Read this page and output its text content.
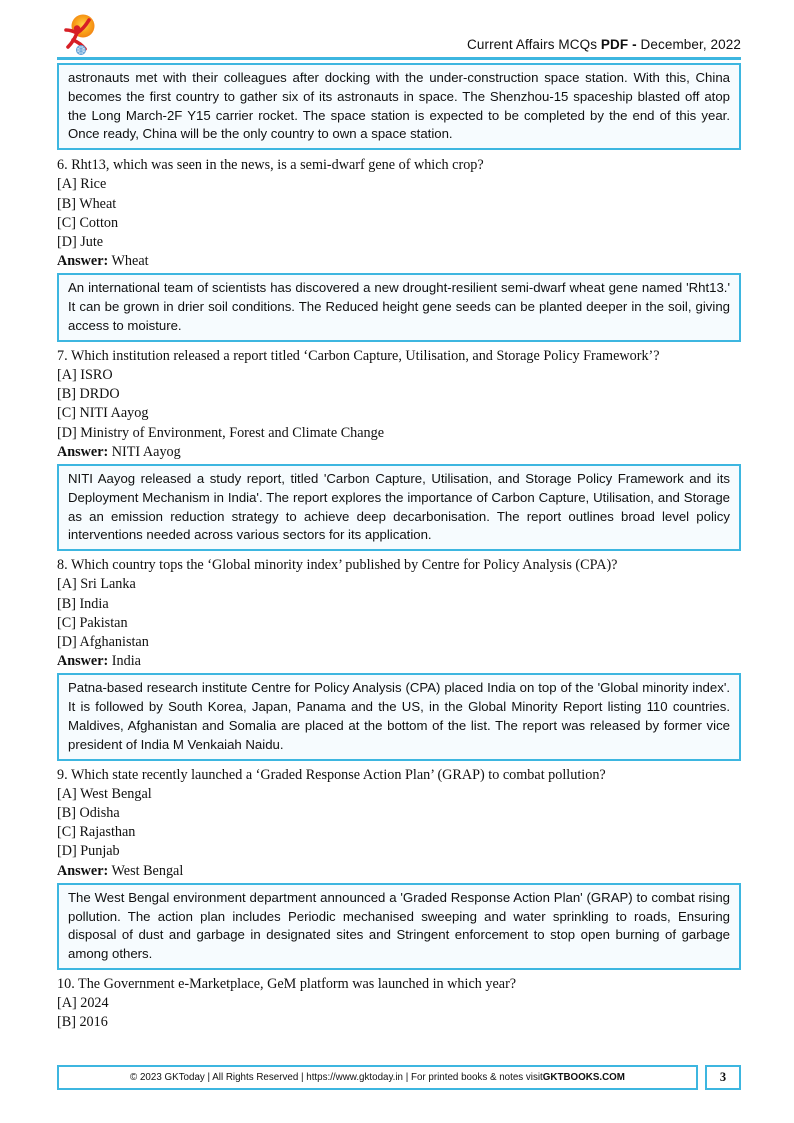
Current Affairs MCQs PDF - December, 2022
astronauts met with their colleagues after docking with the under-construction space station. With this, China becomes the first country to gather six of its astronauts in space. The Shenzhou-15 spaceship blasted off atop the Long March-2F Y15 carrier rocket. The space station is expected to be completed by the end of this year. Once ready, China will be the only country to own a space station.

6. Rht13, which was seen in the news, is a semi-dwarf gene of which crop?

[A] Rice

[B] Wheat

[C] Cotton

[D] Jute

Answer: Wheat

An international team of scientists has discovered a new drought-resilient semi-dwarf wheat gene named 'Rht13.' It can be grown in drier soil conditions. The Reduced height gene seeds can be planted deeper in the soil, giving access to moisture.

7. Which institution released a report titled ‘Carbon Capture, Utilisation, and Storage Policy Framework’?

[A] ISRO

[B] DRDO

[C] NITI Aayog

[D] Ministry of Environment, Forest and Climate Change

Answer: NITI Aayog

NITI Aayog released a study report, titled 'Carbon Capture, Utilisation, and Storage Policy Framework and its Deployment Mechanism in India'. The report explores the importance of Carbon Capture, Utilisation, and Storage as an emission reduction strategy to achieve deep decarbonisation. The report outlines broad level policy interventions needed across various sectors for its application.

8. Which country tops the ‘Global minority index’ published by Centre for Policy Analysis (CPA)?

[A] Sri Lanka

[B] India

[C] Pakistan

[D] Afghanistan

Answer: India

Patna-based research institute Centre for Policy Analysis (CPA) placed India on top of the 'Global minority index'. It is followed by South Korea, Japan, Panama and the US, in the Global Minority Report listing 110 countries. Maldives, Afghanistan and Somalia are placed at the bottom of the list. The report was released by former vice president of India M Venkaiah Naidu.

9. Which state recently launched a ‘Graded Response Action Plan’ (GRAP) to combat pollution?

[A] West Bengal

[B] Odisha

[C] Rajasthan

[D] Punjab

Answer: West Bengal

The West Bengal environment department announced a 'Graded Response Action Plan' (GRAP) to combat rising pollution. The action plan includes Periodic mechanised sweeping and water sprinkling to roads, Ensuring disposal of dust and garbage in designated sites and Stringent enforcement to stop open burning of garbage among others.

10. The Government e-Marketplace, GeM platform was launched in which year?

[A] 2024

[B] 2016

© 2023 GKToday | All Rights Reserved | https://www.gktoday.in | For printed books & notes visit GKTBOOKS.COM	3
